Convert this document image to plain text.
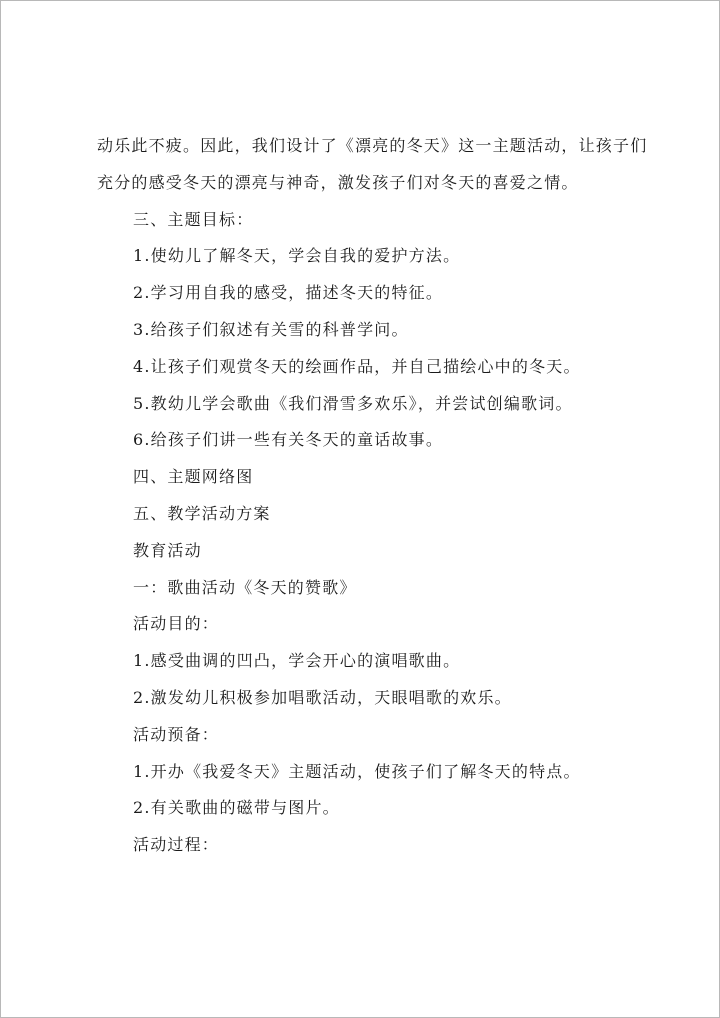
动乐此不疲。因此，我们设计了《漂亮的冬天》这一主题活动，让孩子们
充分的感受冬天的漂亮与神奇，激发孩子们对冬天的喜爱之情。
三、主题目标：
1.使幼儿了解冬天，学会自我的爱护方法。
2.学习用自我的感受，描述冬天的特征。
3.给孩子们叙述有关雪的科普学问。
4.让孩子们观赏冬天的绘画作品，并自己描绘心中的冬天。
5.教幼儿学会歌曲《我们滑雪多欢乐》，并尝试创编歌词。
6.给孩子们讲一些有关冬天的童话故事。
四、主题网络图
五、教学活动方案
教育活动
一：歌曲活动《冬天的赞歌》
活动目的：
1.感受曲调的凹凸，学会开心的演唱歌曲。
2.激发幼儿积极参加唱歌活动，天眼唱歌的欢乐。
活动预备：
1.开办《我爱冬天》主题活动，使孩子们了解冬天的特点。
2.有关歌曲的磁带与图片。
活动过程：
